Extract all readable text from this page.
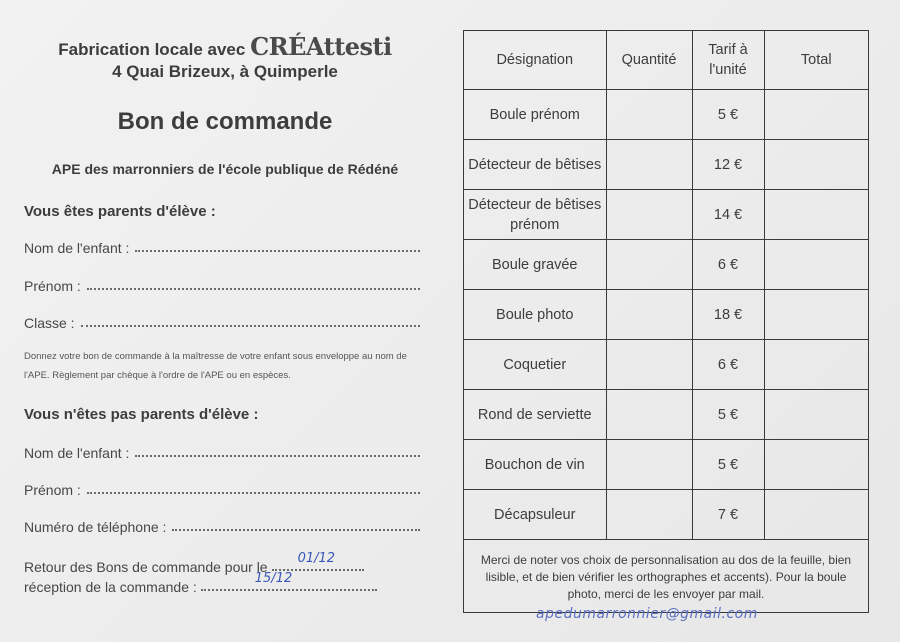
Fabrication locale avec CRÉAttesti
4 Quai Brizeux, à Quimperle
Bon de commande
APE des marronniers de l'école publique de Rédéné
Vous êtes parents d'élève :
Nom de l'enfant :
Prénom :
Classe :
Donnez votre bon de commande à la maîtresse de votre enfant sous enveloppe au nom de l'APE. Règlement par chèque à l'ordre de l'APE ou en espèces.
Vous n'êtes pas parents d'élève :
Nom de l'enfant :
Prénom :
Numéro de téléphone :
Retour des Bons de commande pour le
01/12
réception de la commande :
15/12
Désignation	Quantité	Tarif à l'unité	Total
Boule prénom		5 €	
Détecteur de bêtises		12 €	
Détecteur de bêtises prénom		14 €	
Boule gravée		6 €	
Boule photo		18 €	
Coquetier		6 €	
Rond de serviette		5 €	
Bouchon de vin		5 €	
Décapsuleur		7 €	
Merci de noter vos choix de personnalisation au dos de la feuille, bien lisible, et de bien vérifier les orthographes et accents). Pour la boule photo, merci de les envoyer par mail.
apedumarronnier@gmail.com
